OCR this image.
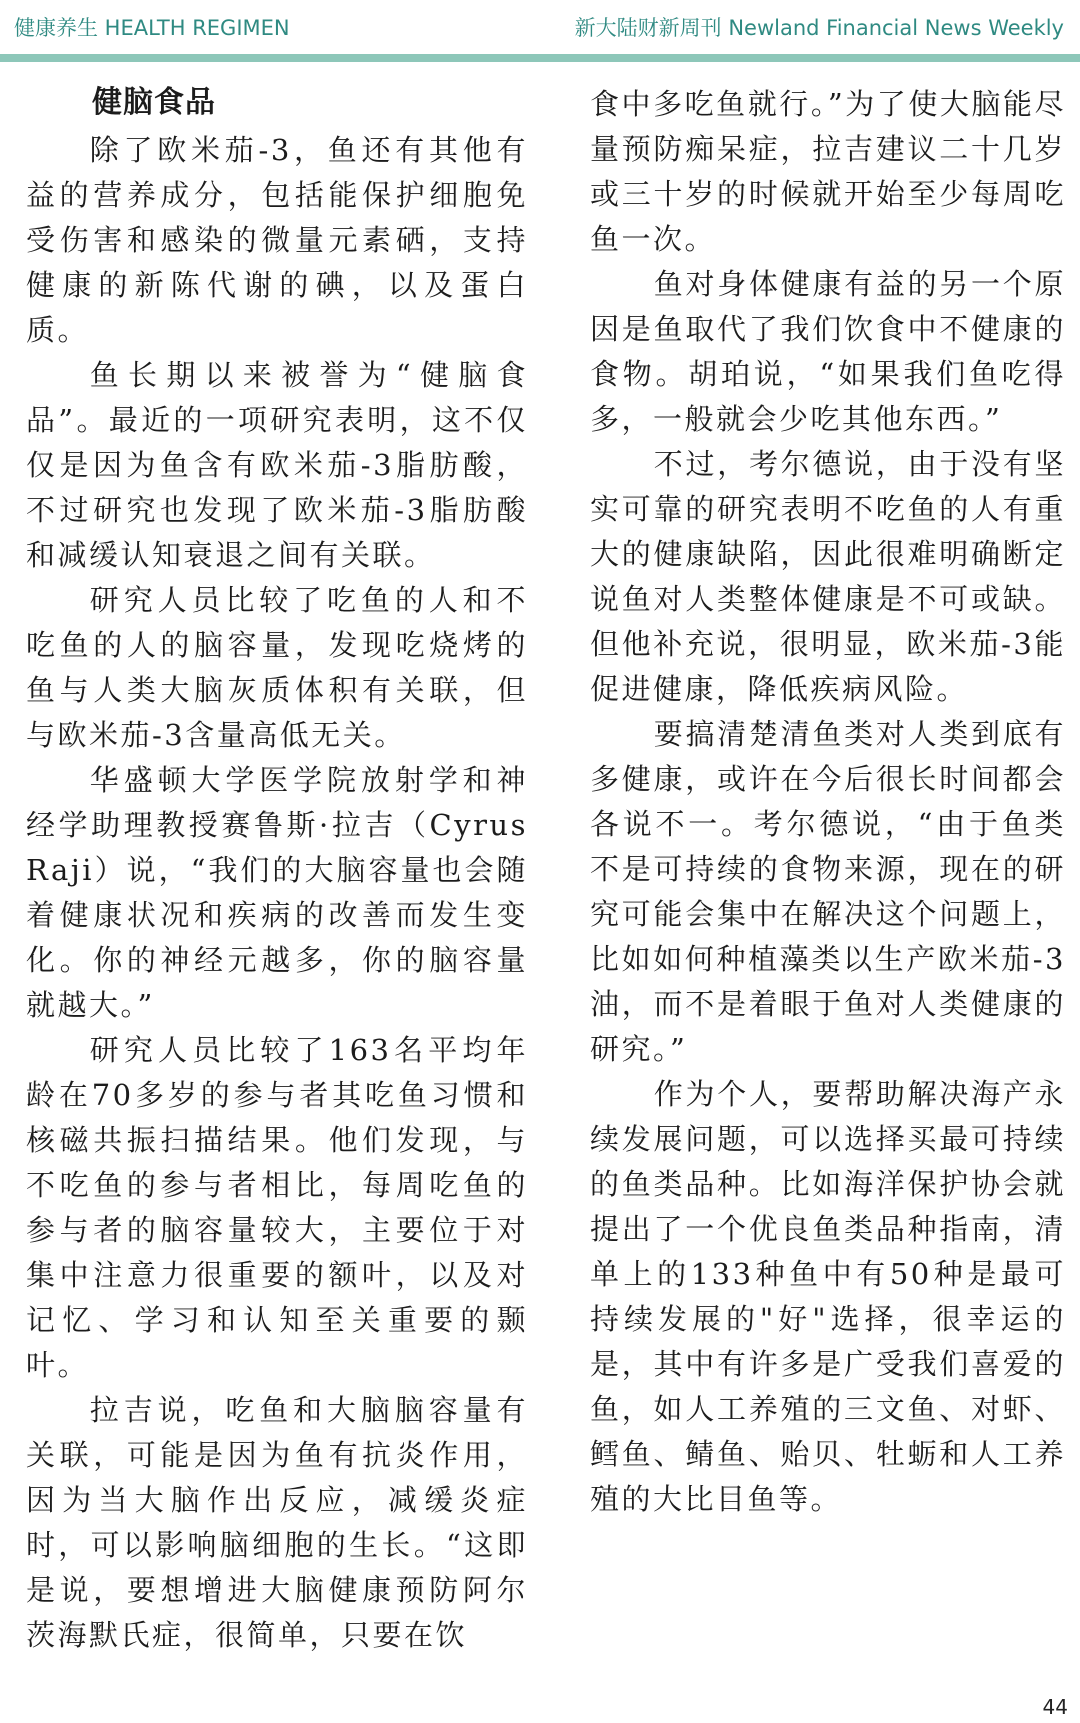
健康养生 HEALTH REGIMEN	新大陆财新周刊 Newland Financial News Weekly
健脑食品

除了欧米茄-3，鱼还有其他有益的营养成分，包括能保护细胞免受伤害和感染的微量元素硒，支持健康的新陈代谢的碘，以及蛋白质。

鱼长期以来被誉为“健脑食品”。最近的一项研究表明，这不仅仅是因为鱼含有欧米茄-3脂肪酸，不过研究也发现了欧米茄-3脂肪酸和减缓认知衰退之间有关联。

研究人员比较了吃鱼的人和不吃鱼的人的脑容量，发现吃烧烤的鱼与人类大脑灰质体积有关联，但与欧米茄-3含量高低无关。

华盛顿大学医学院放射学和神经学助理教授赛鲁斯·拉吉（Cyrus Raji）说，“我们的大脑容量也会随着健康状况和疾病的改善而发生变化。你的神经元越多，你的脑容量就越大。”

研究人员比较了163名平均年龄在70多岁的参与者其吃鱼习惯和核磁共振扫描结果。他们发现，与不吃鱼的参与者相比，每周吃鱼的参与者的脑容量较大，主要位于对集中注意力很重要的额叶，以及对记忆、学习和认知至关重要的颞叶。

拉吉说，吃鱼和大脑脑容量有关联，可能是因为鱼有抗炎作用，因为当大脑作出反应，减缓炎症时，可以影响脑细胞的生长。“这即是说，要想增进大脑健康预防阿尔茨海默氏症，很简单，只要在饮

食中多吃鱼就行。”为了使大脑能尽量预防痴呆症，拉吉建议二十几岁或三十岁的时候就开始至少每周吃鱼一次。

鱼对身体健康有益的另一个原因是鱼取代了我们饮食中不健康的食物。胡珀说，“如果我们鱼吃得多，一般就会少吃其他东西。”

不过，考尔德说，由于没有坚实可靠的研究表明不吃鱼的人有重大的健康缺陷，因此很难明确断定说鱼对人类整体健康是不可或缺。但他补充说，很明显，欧米茄-3能促进健康，降低疾病风险。

要搞清楚清鱼类对人类到底有多健康，或许在今后很长时间都会各说不一。考尔德说，“由于鱼类不是可持续的食物来源，现在的研究可能会集中在解决这个问题上，比如如何种植藻类以生产欧米茄-3油，而不是着眼于鱼对人类健康的研究。”

作为个人，要帮助解决海产永续发展问题，可以选择买最可持续的鱼类品种。比如海洋保护协会就提出了一个优良鱼类品种指南，清单上的133种鱼中有50种是最可持续发展的"好"选择，很幸运的是，其中有许多是广受我们喜爱的鱼，如人工养殖的三文鱼、对虾、鳕鱼、鲭鱼、贻贝、牡蛎和人工养殖的大比目鱼等。

44
